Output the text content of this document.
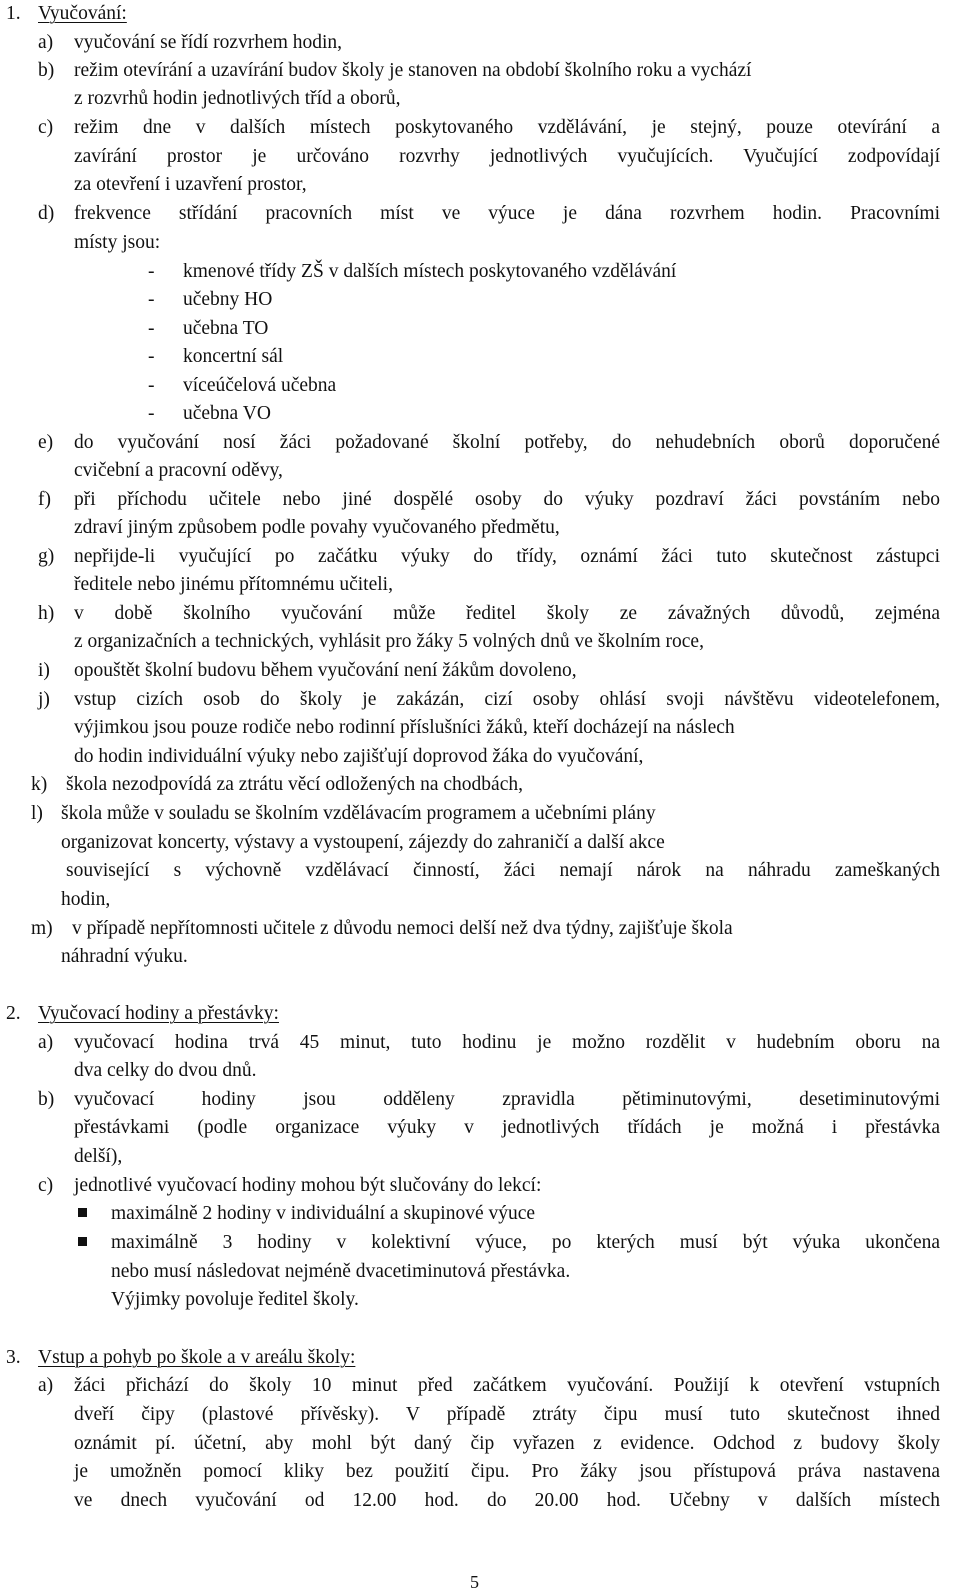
1. Vyučování:
a) vyučování se řídí rozvrhem hodin,
b) režim otevírání a uzavírání budov školy je stanoven na období školního roku a vychází
z rozvrhů hodin jednotlivých tříd a oborů,
c) režim dne v dalších místech poskytovaného vzdělávání, je stejný, pouze otevírání a
zavírání prostor je určováno rozvrhy jednotlivých vyučujících. Vyučující zodpovídají
za otevření i uzavření prostor,
d) frekvence střídání pracovních míst ve výuce je dána rozvrhem hodin. Pracovními
místy jsou:
- kmenové třídy ZŠ v dalších místech poskytovaného vzdělávání
- učebny HO
- učebna TO
- koncertní sál
- víceúčelová učebna
- učebna VO
e) do vyučování nosí žáci požadované školní potřeby, do nehudebních oborů doporučené
cvičební a pracovní oděvy,
f) při příchodu učitele nebo jiné dospělé osoby do výuky pozdraví žáci povstáním nebo
zdraví jiným způsobem podle povahy vyučovaného předmětu,
g) nepřijde-li vyučující po začátku výuky do třídy, oznámí žáci tuto skutečnost zástupci
ředitele nebo jinému přítomnému učiteli,
h) v době školního vyučování může ředitel školy ze závažných důvodů, zejména
z organizačních a technických, vyhlásit pro žáky 5 volných dnů ve školním roce,
i) opouštět školní budovu během vyučování není žákům dovoleno,
j) vstup cizích osob do školy je zakázán, cizí osoby ohlásí svoji návštěvu videotelefonem,
výjimkou jsou pouze rodiče nebo rodinní příslušníci žáků, kteří docházejí na náslech
do hodin individuální výuky nebo zajišťují doprovod žáka do vyučování,
k) škola nezodpovídá za ztrátu věcí odložených na chodbách,
l) škola může v souladu se školním vzdělávacím programem a učebními plány
organizovat koncerty, výstavy a vystoupení, zájezdy do zahraničí a další akce
související s výchovně vzdělávací činností, žáci nemají nárok na náhradu zameškaných
hodin,
m) v případě nepřítomnosti učitele z důvodu nemoci delší než dva týdny, zajišťuje škola
náhradní výuku.
2. Vyučovací hodiny a přestávky:
a) vyučovací hodina trvá 45 minut, tuto hodinu je možno rozdělit v hudebním oboru na
dva celky do dvou dnů.
b) vyučovací hodiny jsou odděleny zpravidla pětiminutovými, desetiminutovými
přestávkami (podle organizace výuky v jednotlivých třídách je možná i přestávka
delší),
c) jednotlivé vyučovací hodiny mohou být slučovány do lekcí:
maximálně 2 hodiny v individuální a skupinové výuce
maximálně 3 hodiny v kolektivní výuce, po kterých musí být výuka ukončena
nebo musí následovat nejméně dvacetiminutová přestávka.
Výjimky povoluje ředitel školy.
3. Vstup a pohyb po škole a v areálu školy:
a) žáci přichází do školy 10 minut před začátkem vyučování. Použijí k otevření vstupních
dveří čipy (plastové přívěsky). V případě ztráty čipu musí tuto skutečnost ihned
oznámit pí. účetní, aby mohl být daný čip vyřazen z evidence. Odchod z budovy školy
je umožněn pomocí kliky bez použití čipu. Pro žáky jsou přístupová práva nastavena
ve dnech vyučování od 12.00 hod. do 20.00 hod. Učebny v dalších místech
5
